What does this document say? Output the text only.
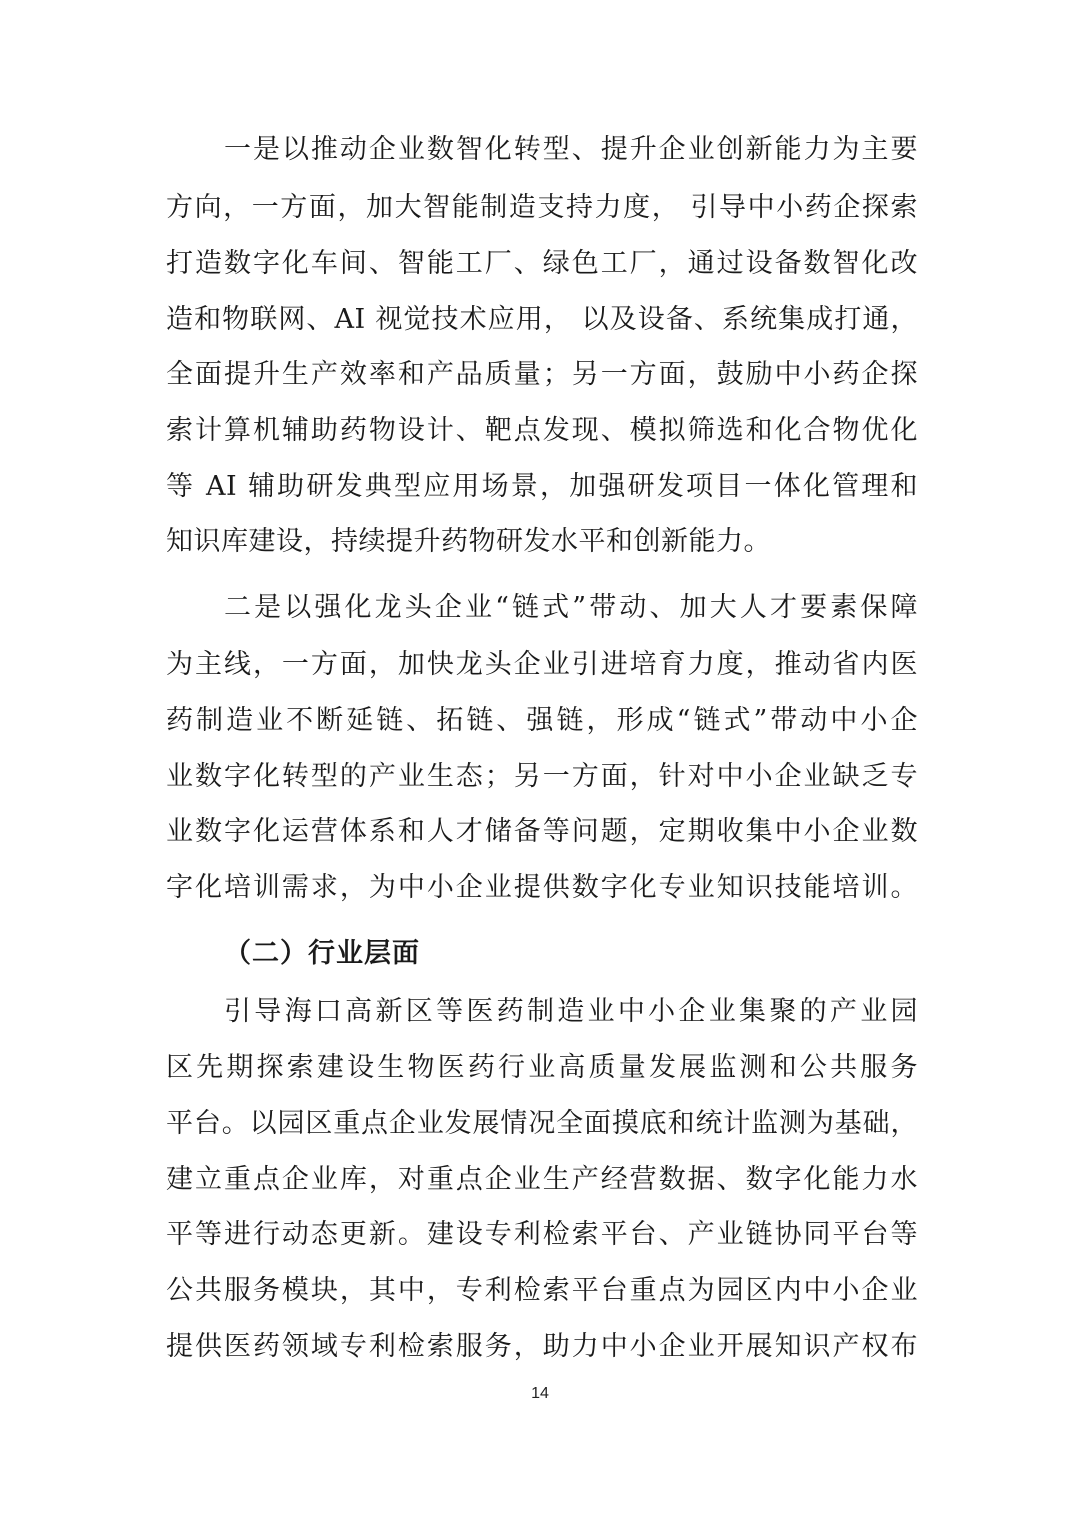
一是以推动企业数智化转型、提升企业创新能力为主要
方向，一方面，加大智能制造支持力度， 引导中小药企探索
打造数字化车间、智能工厂、绿色工厂，通过设备数智化改
造和物联网、AI 视觉技术应用， 以及设备、系统集成打通，
全面提升生产效率和产品质量；另一方面，鼓励中小药企探
索计算机辅助药物设计、靶点发现、模拟筛选和化合物优化
等 AI 辅助研发典型应用场景，加强研发项目一体化管理和
知识库建设，持续提升药物研发水平和创新能力。
二是以强化龙头企业“链式”带动、加大人才要素保障
为主线，一方面，加快龙头企业引进培育力度，推动省内医
药制造业不断延链、拓链、强链，形成“链式”带动中小企
业数字化转型的产业生态；另一方面，针对中小企业缺乏专
业数字化运营体系和人才储备等问题，定期收集中小企业数
字化培训需求，为中小企业提供数字化专业知识技能培训。
（二）行业层面
引导海口高新区等医药制造业中小企业集聚的产业园
区先期探索建设生物医药行业高质量发展监测和公共服务
平台。以园区重点企业发展情况全面摸底和统计监测为基础，
建立重点企业库，对重点企业生产经营数据、数字化能力水
平等进行动态更新。建设专利检索平台、产业链协同平台等
公共服务模块，其中，专利检索平台重点为园区内中小企业
提供医药领域专利检索服务，助力中小企业开展知识产权布
14
